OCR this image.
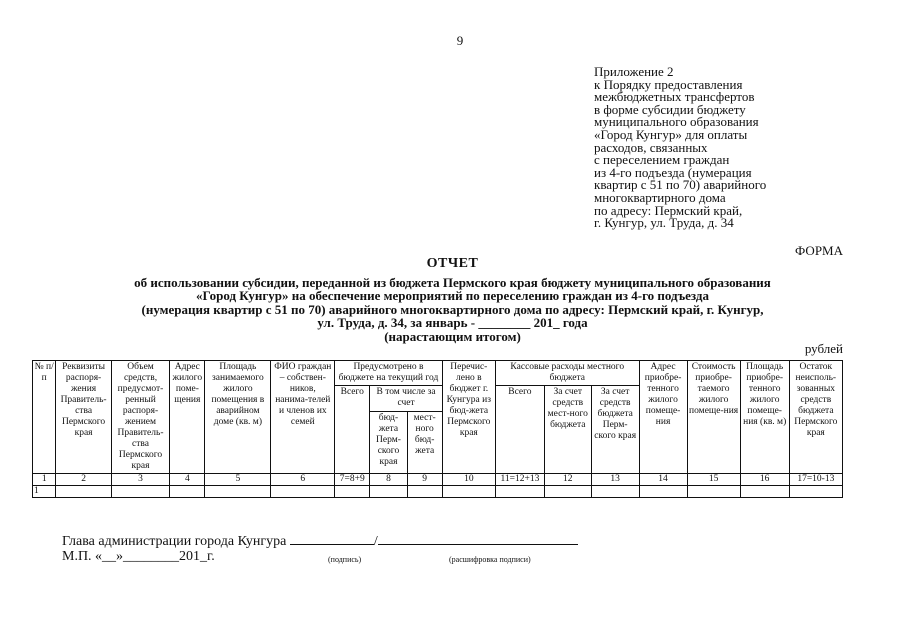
9
Приложение 2
к Порядку предоставления
межбюджетных трансфертов
в форме субсидии бюджету
муниципального образования
«Город Кунгур» для оплаты
расходов, связанных
с переселением граждан
из 4-го подъезда (нумерация
квартир с 51 по 70) аварийного
многоквартирного дома
по адресу: Пермский край,
г. Кунгур, ул. Труда, д. 34
ФОРМА
ОТЧЕТ
об использовании субсидии, переданной из бюджета Пермского края бюджету муниципального образования
«Город Кунгур» на обеспечение мероприятий по переселению граждан из 4-го подъезда
(нумерация квартир с 51 по 70) аварийного многоквартирного дома по адресу: Пермский край, г. Кунгур,
ул. Труда, д. 34, за январь - ________ 201_ года
(нарастающим итогом)
рублей
№ п/п	Реквизиты распоря-жения Правитель-ства Пермского края	Объем средств, предусмот-ренный распоря-жением Правитель-ства Пермского края	Адрес жилого поме-щения	Площадь занимаемого жилого помещения в аварийном доме (кв. м)	ФИО граждан – собствен-ников, нанима-телей и членов их семей	Предусмотрено в бюджете на текущий год			Перечис-лено в бюджет г. Кунгура из бюд-жета Пермского края	Кассовые расходы местного бюджета			Адрес приобре-тенного жилого помеще-ния	Стоимость приобре-таемого жилого помеще-ния	Площадь приобре-тенного жилого помеще-ния (кв. м)	Остаток неисполь-зованных средств бюджета Пермского края
						Всего	В том числе за счет			Всего	За счет средств мест-ного бюджета	За счет средств бюджета Перм-ского края				
							бюд-жета Перм-ского края	мест-ного бюд-жета								
1	2	3	4	5	6	7=8+9	8	9	10	11=12+13	12	13	14	15	16	17=10-13
1																
Глава администрации города Кунгура	/
М.П. «__»________201_г.	(подпись)	(расшифровка подписи)
